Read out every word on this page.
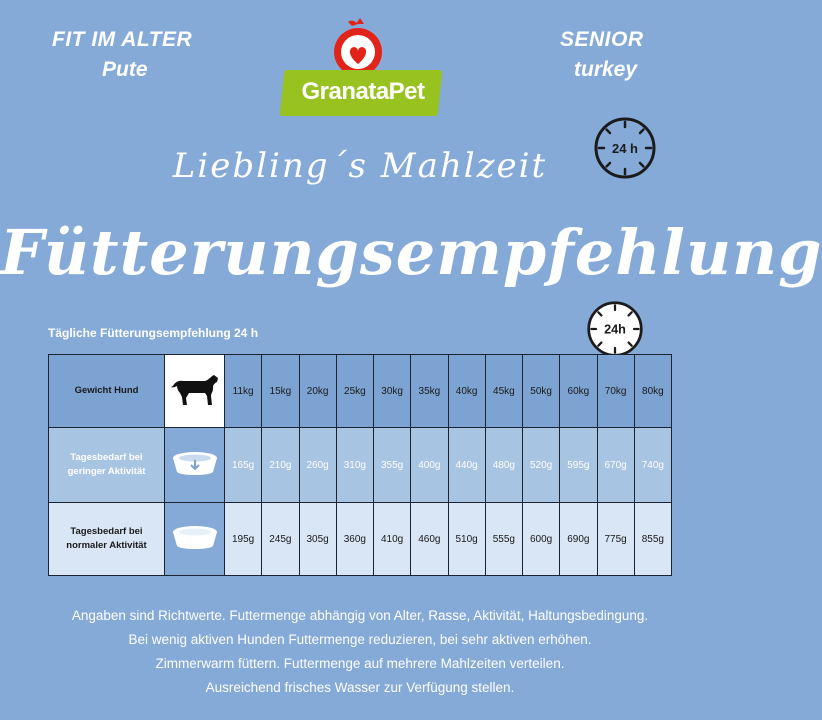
FIT IM ALTER
Pute
SENIOR
turkey
GranataPet
24 h
Liebling´s Mahlzeit
Fütterungsempfehlung
Tägliche Fütterungsempfehlung 24 h	24h
Gewicht Hund		11kg	15kg	20kg	25kg	30kg	35kg	40kg	45kg	50kg	60kg	70kg	80kg
Tagesbedarf bei
geringer Aktivität		165g	210g	260g	310g	355g	400g	440g	480g	520g	595g	670g	740g
Tagesbedarf bei
normaler Aktivität		195g	245g	305g	360g	410g	460g	510g	555g	600g	690g	775g	855g
Angaben sind Richtwerte. Futtermenge abhängig von Alter, Rasse, Aktivität, Haltungsbedingung.
Bei wenig aktiven Hunden Futtermenge reduzieren, bei sehr aktiven erhöhen.
Zimmerwarm füttern. Futtermenge auf mehrere Mahlzeiten verteilen.
Ausreichend frisches Wasser zur Verfügung stellen.
